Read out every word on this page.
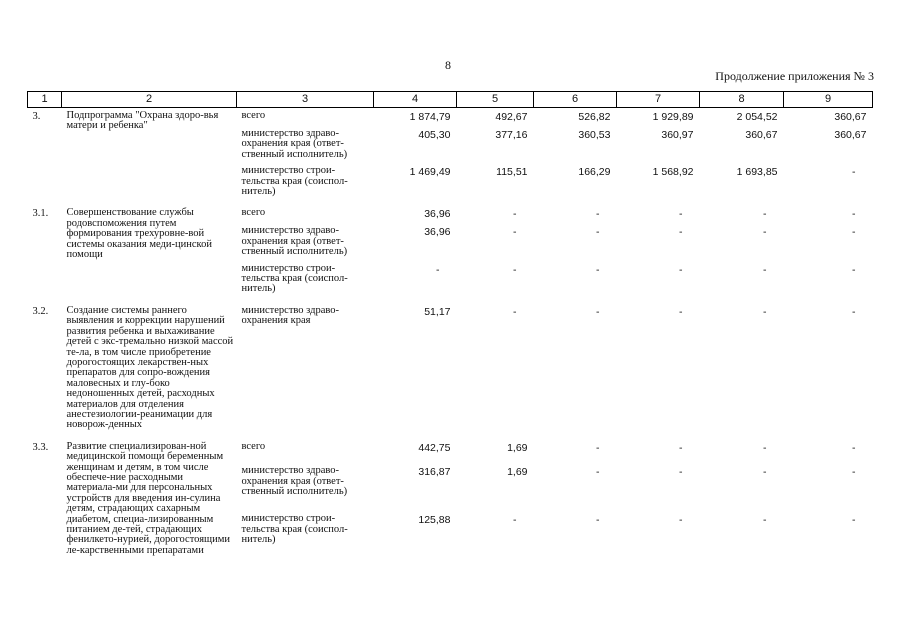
8
Продолжение приложения № 3
1	2	3	4	5	6	7	8	9
3.	Подпрограмма "Охрана здоро-вья матери и ребенка"	всего	1 874,79	492,67	526,82	1 929,89	2 054,52	360,67
		министерство здраво-охранения края (ответ-ственный исполнитель)	405,30	377,16	360,53	360,97	360,67	360,67
		министерство строи-тельства края (соиспол-нитель)	1 469,49	115,51	166,29	1 568,92	1 693,85	-
3.1.	Совершенствование службы родовспоможения путем формирования трехуровне-вой системы оказания меди-цинской помощи	всего	36,96	-	-	-	-	-
		министерство здраво-охранения края (ответ-ственный исполнитель)	36,96	-	-	-	-	-
		министерство строи-тельства края (соиспол-нитель)	-	-	-	-	-	-
3.2.	Создание системы раннего выявления и коррекции нарушений развития ребенка и выхаживание детей с экс-тремально низкой массой те-ла, в том числе приобретение дорогостоящих лекарствен-ных препаратов для сопро-вождения маловесных и глу-боко недоношенных детей, расходных материалов для отделения анестезиологии-реанимации для новорож-денных	министерство здраво-охранения края	51,17	-	-	-	-	-
3.3.	Развитие специализирован-ной медицинской помощи беременным женщинам и детям, в том числе обеспече-ние расходными материала-ми для персональных устройств для введения ин-сулина детям, страдающих сахарным диабетом, специа-лизированным питанием де-тей, страдающих фенилкето-нурией, дорогостоящими ле-карственными препаратами	всего	442,75	1,69	-	-	-	-
		министерство здраво-охранения края (ответ-ственный исполнитель)	316,87	1,69	-	-	-	-
		министерство строи-тельства края (соиспол-нитель)	125,88	-	-	-	-	-
